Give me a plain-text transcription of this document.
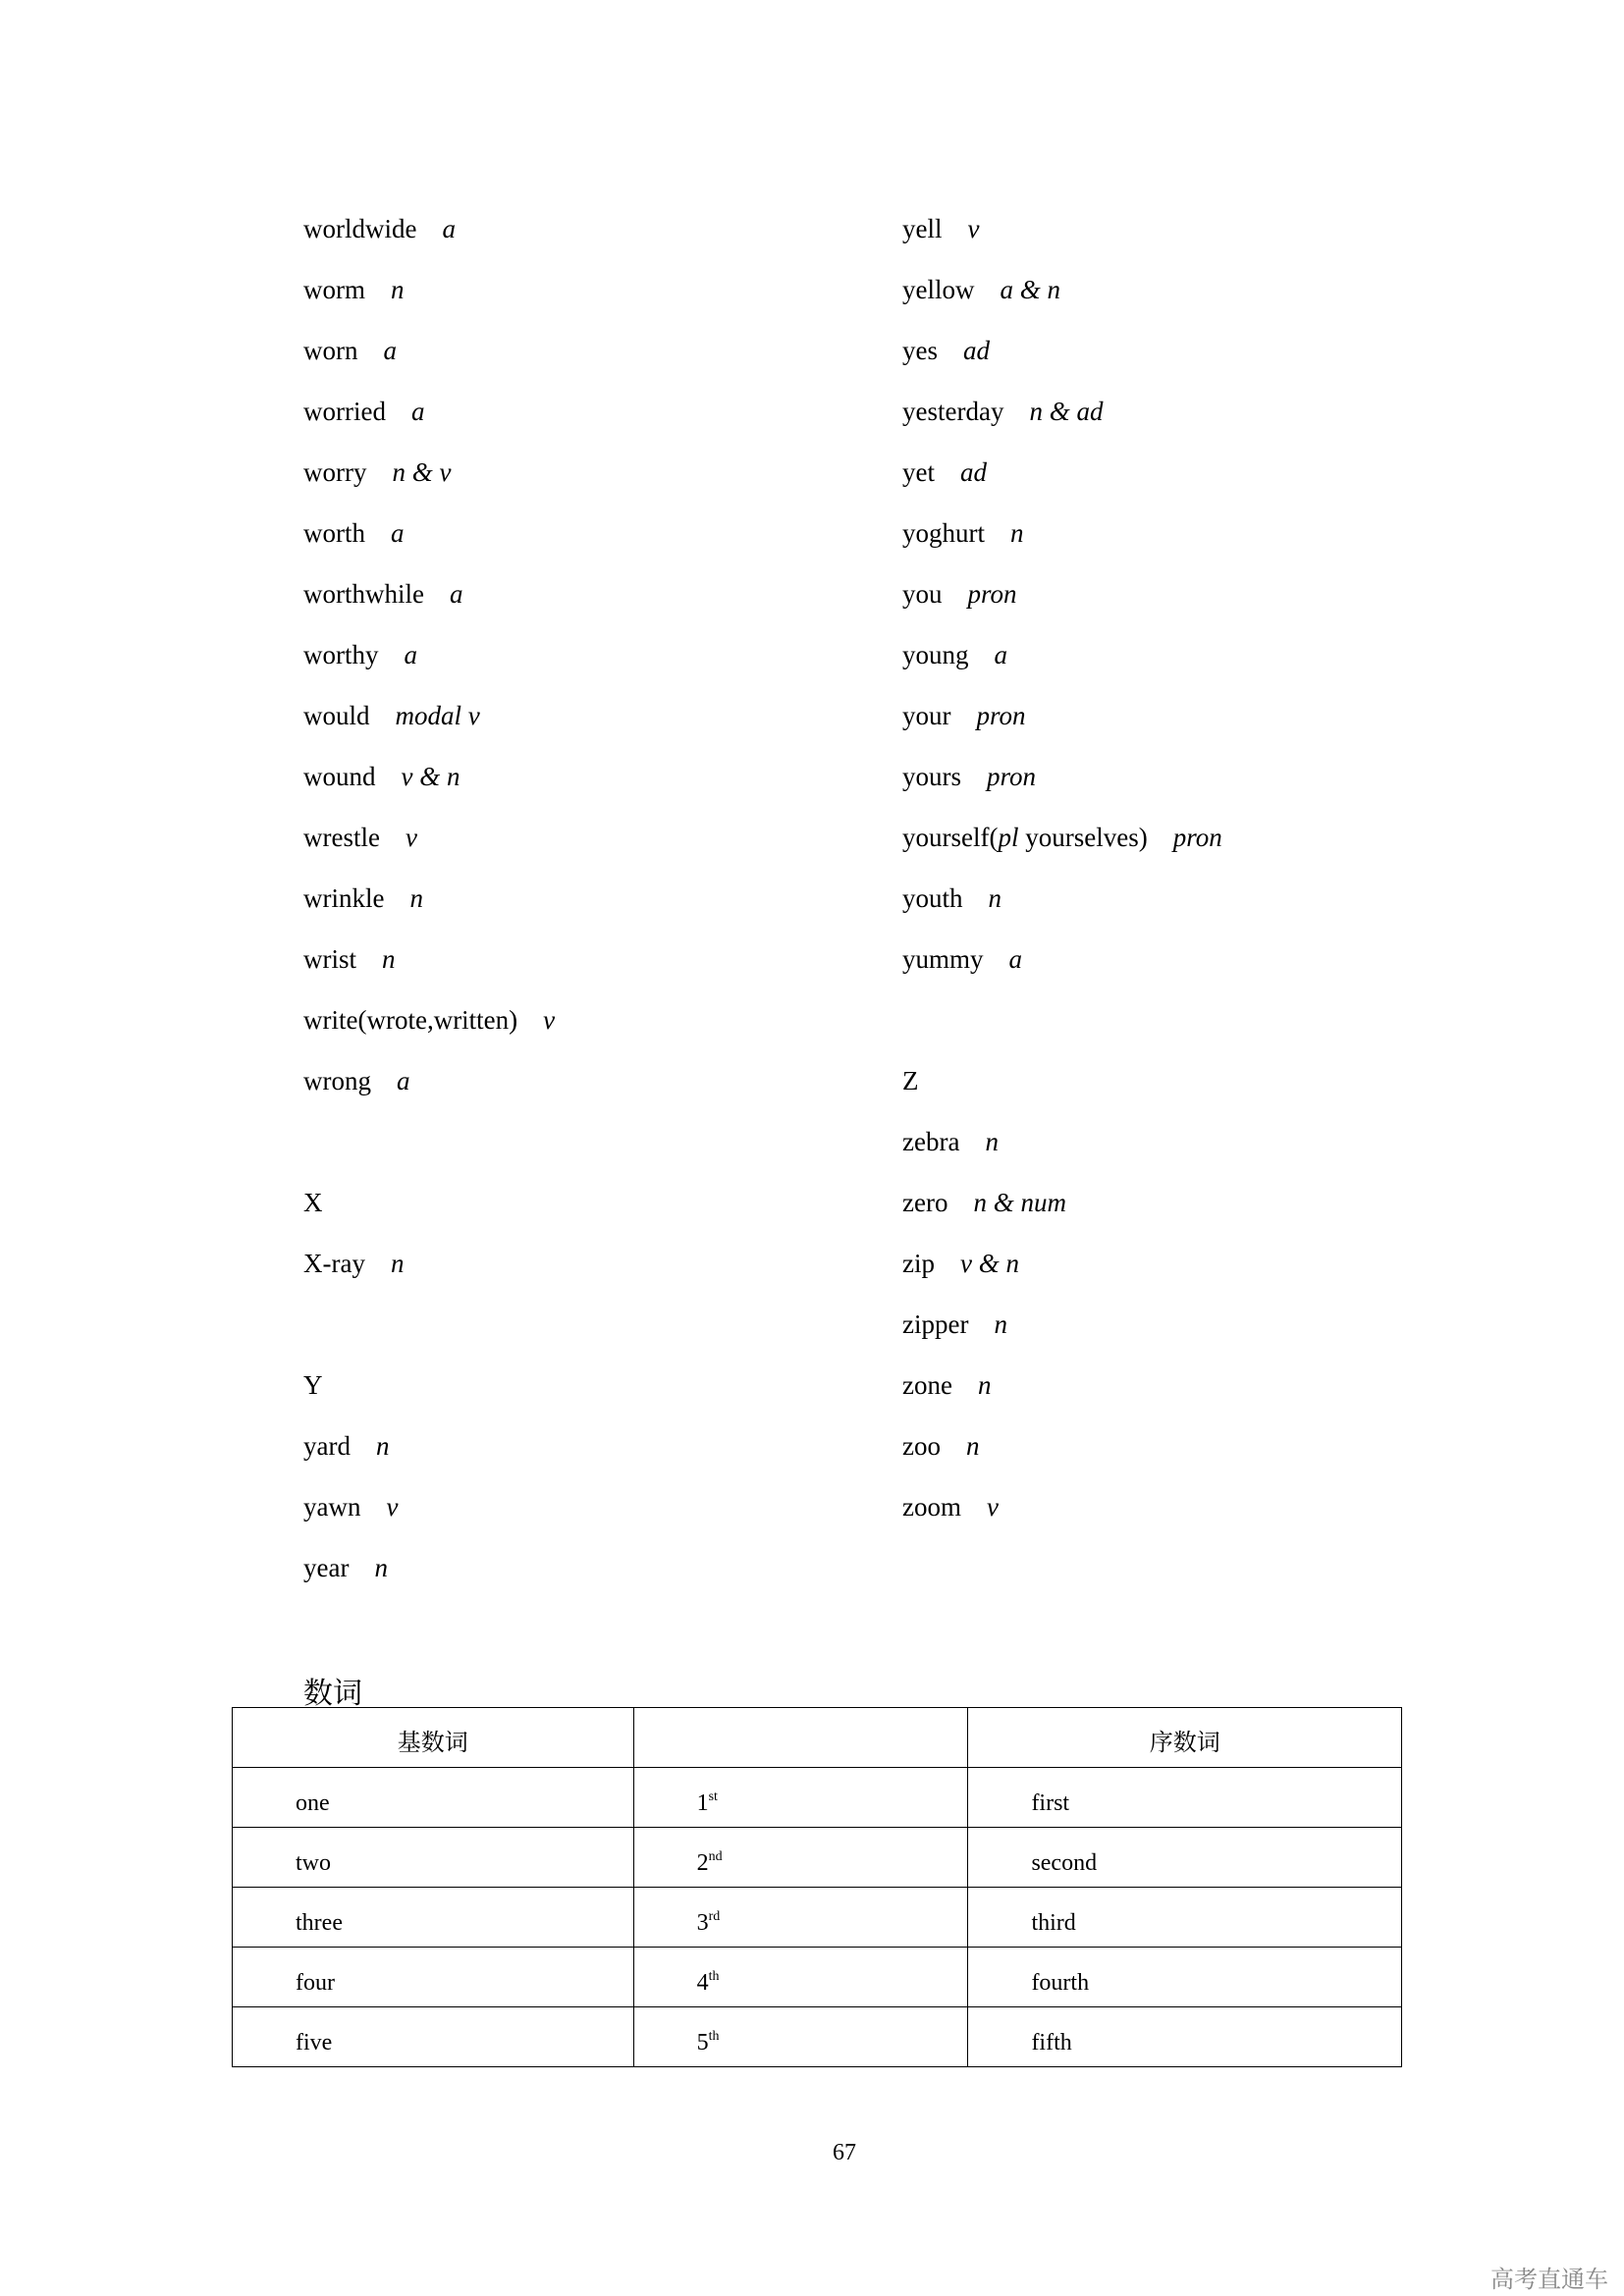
worldwide a
worm n
worn a
worried a
worry n & v
worth a
worthwhile a
worthy a
would modal v
wound v & n
wrestle v
wrinkle n
wrist n
write(wrote,written) v
wrong a
X
X-ray n
Y
yard n
yawn v
year n
yell v
yellow a & n
yes ad
yesterday n & ad
yet ad
yoghurt n
you pron
young a
your pron
yours pron
yourself(pl yourselves) pron
youth n
yummy a
Z
zebra n
zero n & num
zip v & n
zipper n
zone n
zoo n
zoom v
数词
基数词		序数词

one	1st	first

two	2nd	second

three	3rd	third

four	4th	fourth

five	5th	fifth
67
高考直通车
